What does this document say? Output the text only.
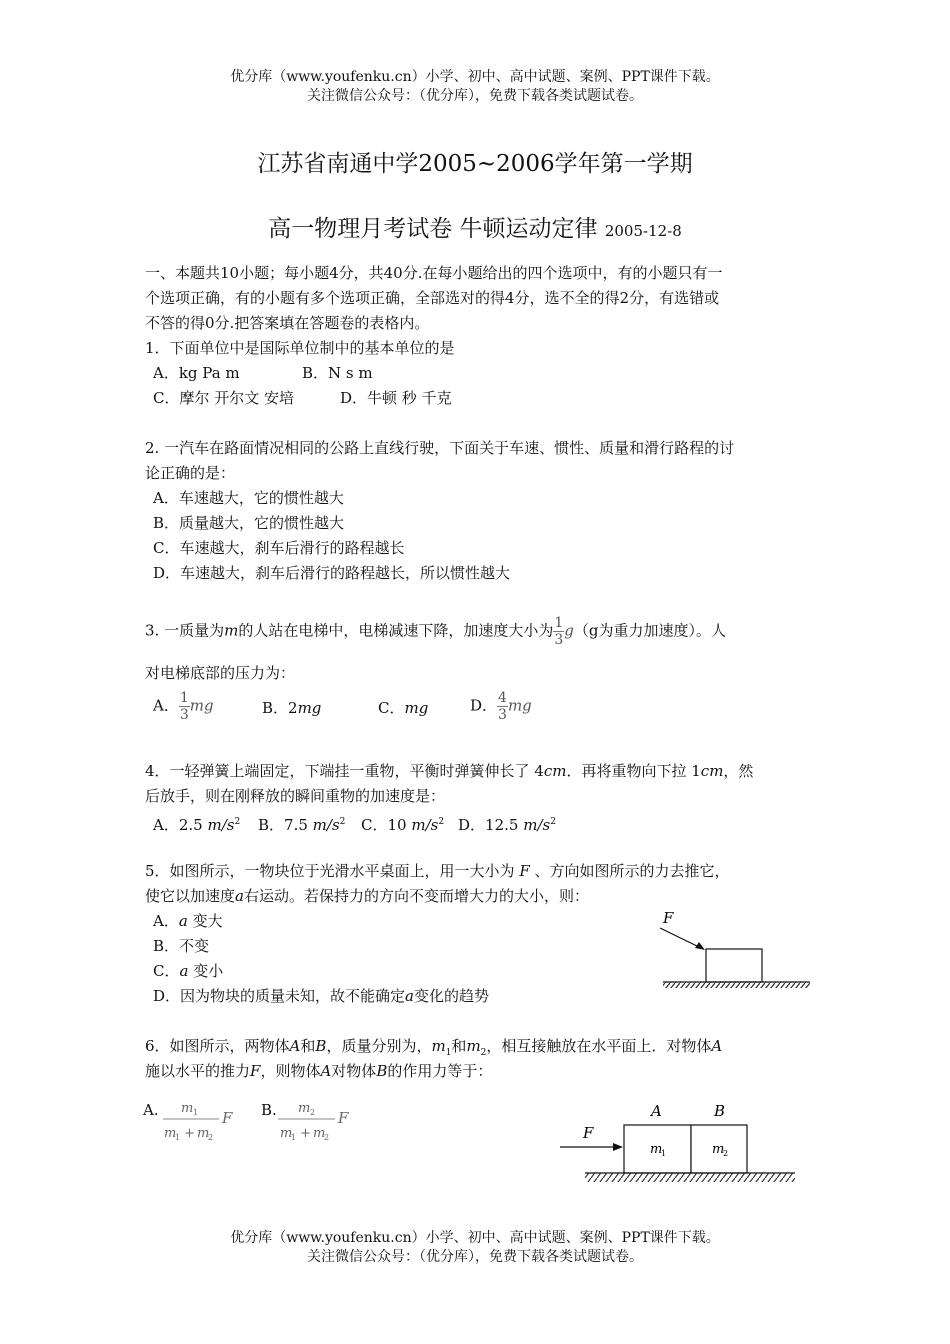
优分库（www.youfenku.cn）小学、初中、高中试题、案例、PPT课件下载。
关注微信公众号：（优分库），免费下载各类试题试卷。
江苏省南通中学2005~2006学年第一学期
高一物理月考试卷 牛顿运动定律 2005-12-8
一、本题共10小题；每小题4分，共40分.在每小题给出的四个选项中，有的小题只有一
个选项正确，有的小题有多个选项正确，全部选对的得4分，选不全的得2分，有选错或
不答的得0分.把答案填在答题卷的表格内。
1．下面单位中是国际单位制中的基本单位的是
A．kg Pa m	B．N s m
C．摩尔 开尔文 安培	D．牛顿 秒 千克
2. 一汽车在路面情况相同的公路上直线行驶，下面关于车速、惯性、质量和滑行路程的讨
论正确的是：
A．车速越大，它的惯性越大
B．质量越大，它的惯性越大
C．车速越大，刹车后滑行的路程越长
D．车速越大，刹车后滑行的路程越长，所以惯性越大
3. 一质量为m的人站在电梯中，电梯减速下降，加速度大小为 $\frac{1}{3} g(g$为重力加速度）。人
对电梯底部的压力为：
A． $\frac{1}{3}$ mg	B．2mg	C．mg	D． $\frac{4}{3}$ mg
4．一轻弹簧上端固定，下端挂一重物，平衡时弹簧伸长了 4cm．再将重物向下拉 1cm，然
后放手，则在刚释放的瞬间重物的加速度是：
A．2.5 $m/s^2$ B．7.5 $m/s^2$ C．10 $m/s^2$ D．12.5 $m/s^2$
5．如图所示，一物块位于光滑水平桌面上，用一大小为 F 、方向如图所示的力去推它，
使它以加速度a右运动。若保持力的方向不变而增大力的大小，则：
A．a 变大
B．不变
C．a 变小
D．因为物块的质量未知，故不能确定a变化的趋势
F
6．如图所示，两物体A和B，质量分别为，$m_1$和$m_2$，相互接触放在水平面上．对物体A
施以水平的推力F，则物体A对物体B的作用力等于：
A. m 1
m
1 + m
2
F B. m 2
m
1 + m
2
F	A	B
F
m
1	m
2
优分库（www.youfenku.cn）小学、初中、高中试题、案例、PPT课件下载。
关注微信公众号：（优分库），免费下载各类试题试卷。
